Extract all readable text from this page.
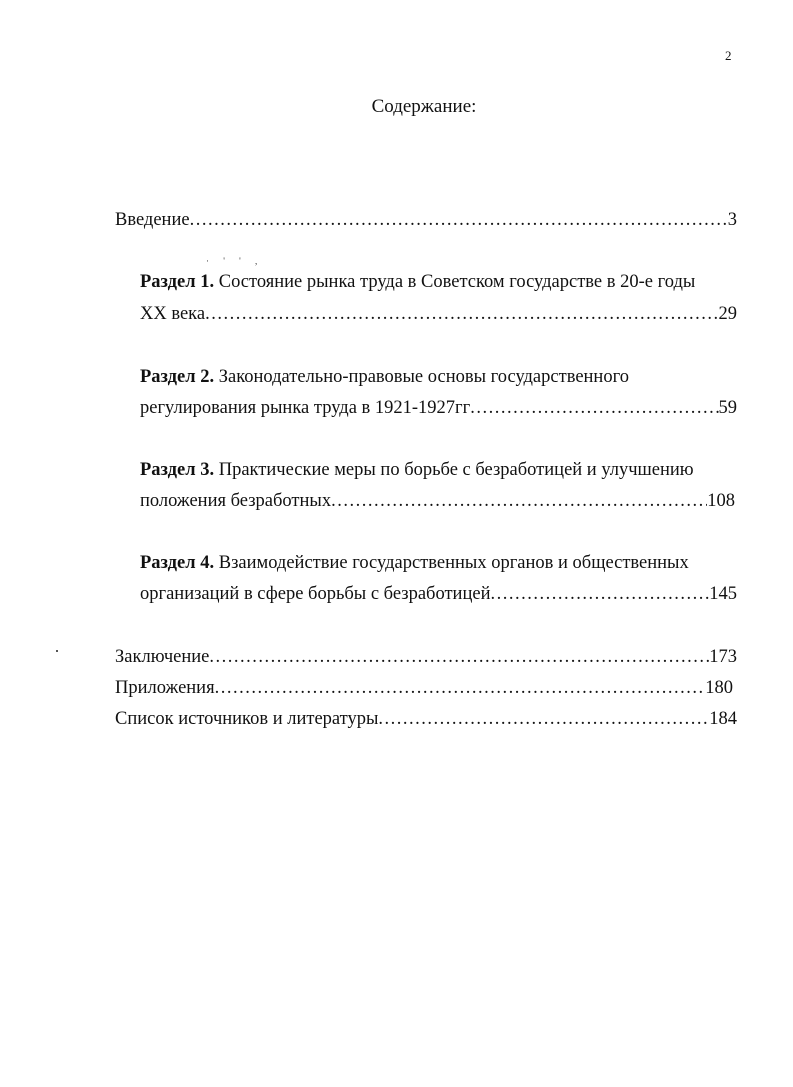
2
Содержание:
Введение .....	3
· ' ' ,
Раздел 1. Состояние рынка труда в Советском государстве в 20-е годы
XX века .....	29
Раздел 2. Законодательно-правовые основы государственного
регулирования рынка труда в 1921-1927гг .....	59
Раздел 3. Практические меры по борьбе с безработицей и улучшению
положения безработных .....	108
Раздел 4. Взаимодействие государственных органов и общественных
организаций в сфере борьбы с безработицей .....	145
Заключение .....	173
Приложения .....	180
Список источников и литературы .....	184
